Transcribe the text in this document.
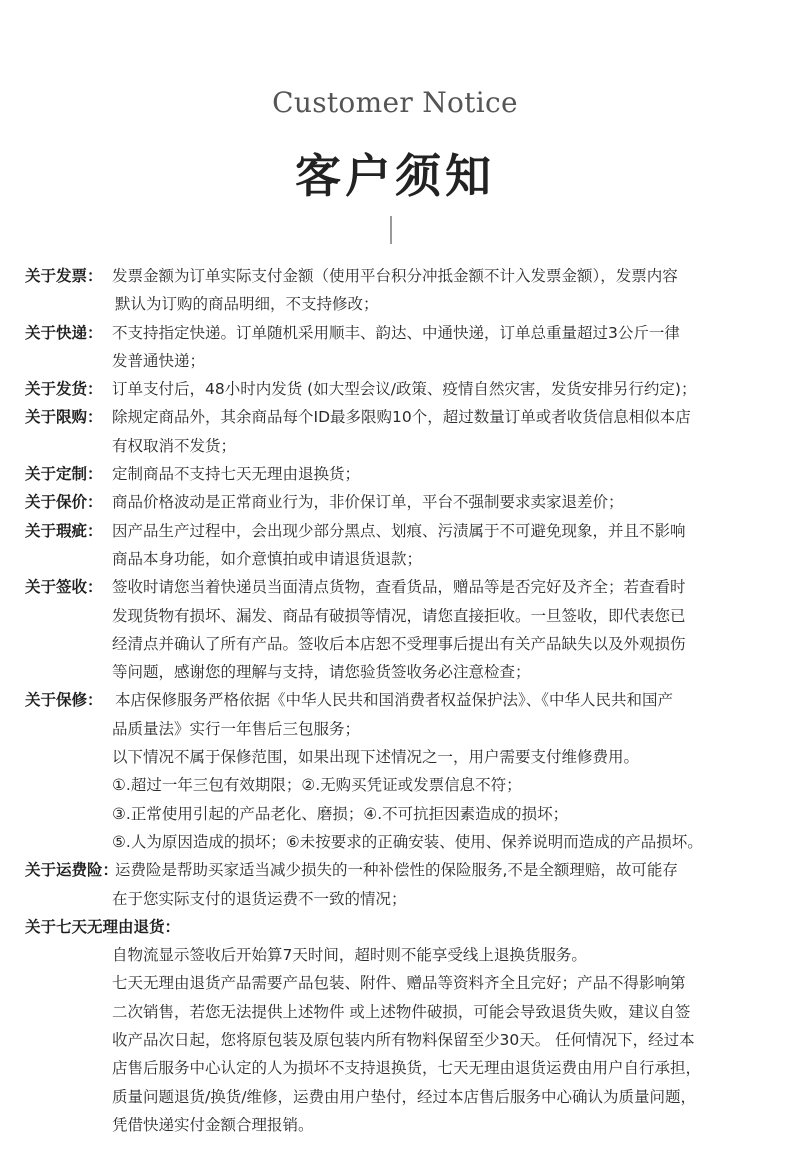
Customer Notice
客户须知
关于发票： 发票金额为订单实际支付金额（使用平台积分冲抵金额不计入发票金额），发票内容
默认为订购的商品明细，不支持修改；
关于快递： 不支持指定快递。订单随机采用顺丰、韵达、中通快递，订单总重量超过3公斤一律
发普通快递；
关于发货： 订单支付后，48小时内发货 (如大型会议/政策、疫情自然灾害，发货安排另行约定)；
关于限购： 除规定商品外，其余商品每个ID最多限购10个，超过数量订单或者收货信息相似本店
有权取消不发货；
关于定制： 定制商品不支持七天无理由退换货；
关于保价： 商品价格波动是正常商业行为，非价保订单，平台不强制要求卖家退差价；
关于瑕疵： 因产品生产过程中，会出现少部分黑点、划痕、污渍属于不可避免现象，并且不影响
商品本身功能，如介意慎拍或申请退货退款；
关于签收： 签收时请您当着快递员当面清点货物，查看货品，赠品等是否完好及齐全；若查看时
发现货物有损坏、漏发、商品有破损等情况，请您直接拒收。一旦签收，即代表您已
经清点并确认了所有产品。签收后本店恕不受理事后提出有关产品缺失以及外观损伤
等问题，感谢您的理解与支持，请您验货签收务必注意检查；
关于保修： 本店保修服务严格依据《中华人民共和国消费者权益保护法》、《中华人民共和国产
品质量法》实行一年售后三包服务；
以下情况不属于保修范围，如果出现下述情况之一，用户需要支付维修费用。
①.超过一年三包有效期限；②.无购买凭证或发票信息不符；
③.正常使用引起的产品老化、磨损；④.不可抗拒因素造成的损坏；
⑤.人为原因造成的损坏；⑥未按要求的正确安装、使用、保养说明而造成的产品损坏。
关于运费险：
运费险是帮助买家适当减少损失的一种补偿性的保险服务,不是全额理赔，故可能存
在于您实际支付的退货运费不一致的情况；
关于七天无理由退货：
自物流显示签收后开始算7天时间，超时则不能享受线上退换货服务。
七天无理由退货产品需要产品包装、附件、赠品等资料齐全且完好；产品不得影响第
二次销售，若您无法提供上述物件 或上述物件破损，可能会导致退货失败，建议自签
收产品次日起，您将原包装及原包装内所有物料保留至少30天。 任何情况下，经过本
店售后服务中心认定的人为损坏不支持退换货，七天无理由退货运费由用户自行承担，
质量问题退货/换货/维修，运费由用户垫付，经过本店售后服务中心确认为质量问题，
凭借快递实付金额合理报销。
